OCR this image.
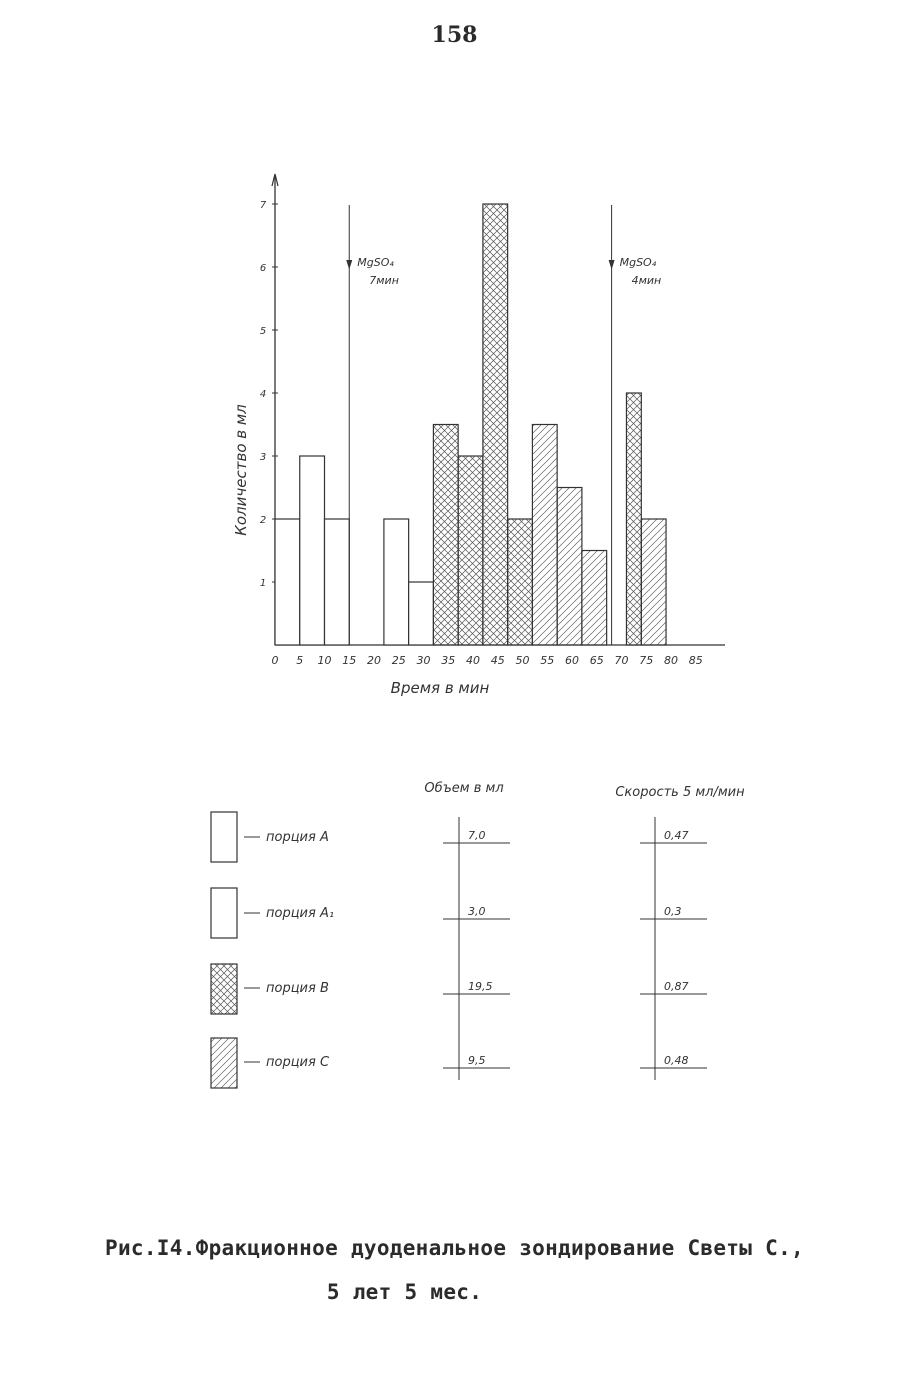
158
1
2
3
4
5
6
7
0 5 10 15 20 25 30 35 40 45 50 55 60 65 70 75 80 85
Время в мин
Количество в мл
MgSO₄
7мин
MgSO₄
4мин
Объем в мл	Скорость 5 мл/мин
порция А	7,0	0,47
порция А₁	3,0	0,3
порция В	19,5	0,87
порция С	9,5	0,48
Рис.I4.Фракционное дуоденальное зондирование Светы С.,
5 лет 5 мес.
